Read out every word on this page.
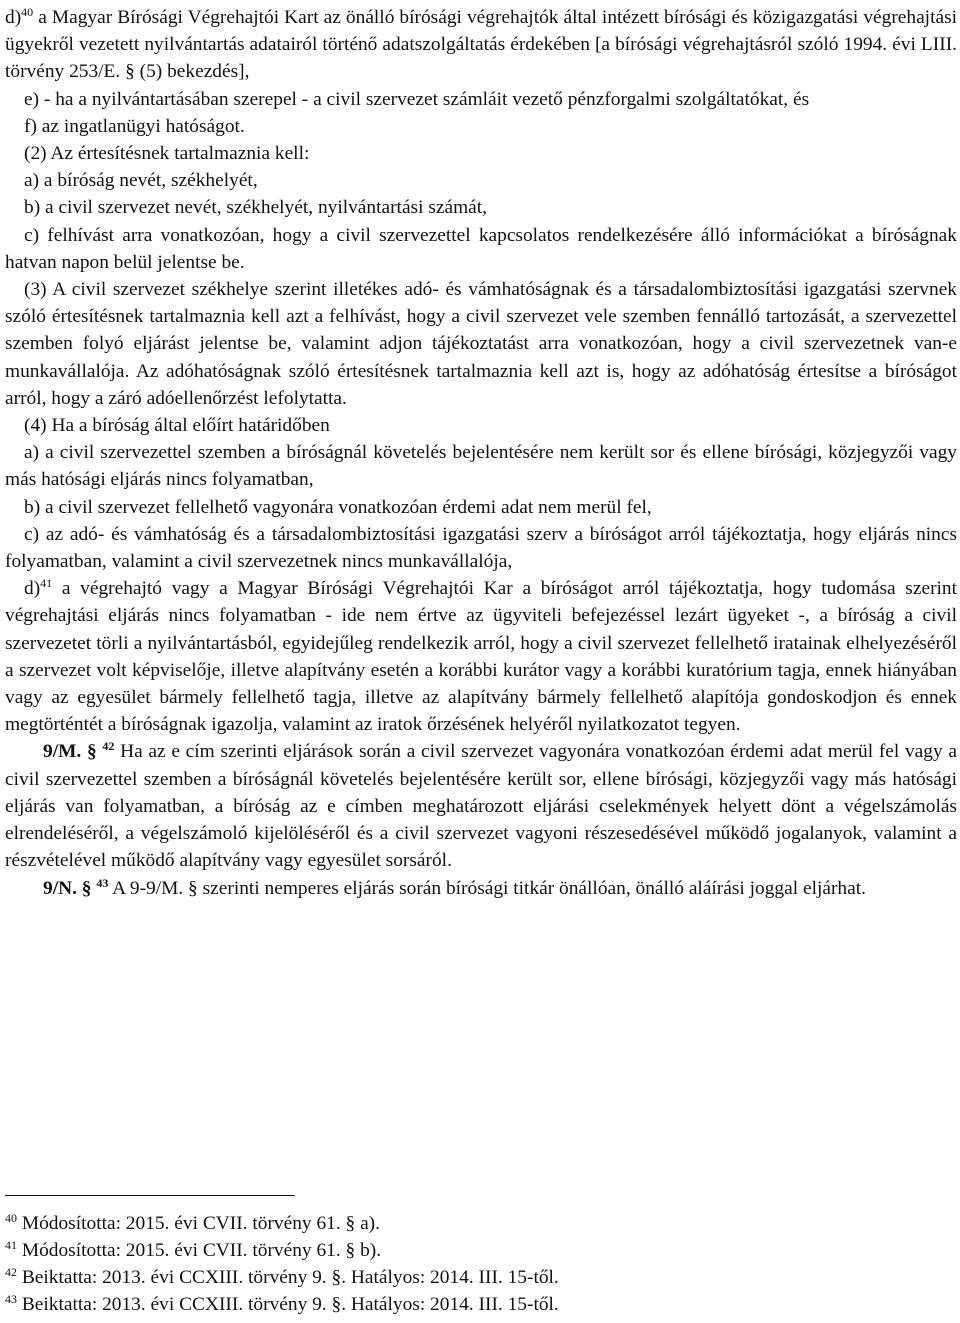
d)$^{40}$ a Magyar Bírósági Végrehajtói Kart az önálló bírósági végrehajtók által intézett bírósági és közigazgatási végrehajtási ügyekről vezetett nyilvántartás adatairól történő adatszolgáltatás érdekében [a bírósági végrehajtásról szóló 1994. évi LIII. törvény 253/E. § (5) bekezdés],

e) - ha a nyilvántartásában szerepel - a civil szervezet számláit vezető pénzforgalmi szolgáltatókat, és

f) az ingatlanügyi hatóságot.

(2) Az értesítésnek tartalmaznia kell:

a) a bíróság nevét, székhelyét,

b) a civil szervezet nevét, székhelyét, nyilvántartási számát,

c) felhívást arra vonatkozóan, hogy a civil szervezettel kapcsolatos rendelkezésére álló információkat a bíróságnak hatvan napon belül jelentse be.

(3) A civil szervezet székhelye szerint illetékes adó- és vámhatóságnak és a társadalombiztosítási igazgatási szervnek szóló értesítésnek tartalmaznia kell azt a felhívást, hogy a civil szervezet vele szemben fennálló tartozását, a szervezettel szemben folyó eljárást jelentse be, valamint adjon tájékoztatást arra vonatkozóan, hogy a civil szervezetnek van-e munkavállalója. Az adóhatóságnak szóló értesítésnek tartalmaznia kell azt is, hogy az adóhatóság értesítse a bíróságot arról, hogy a záró adóellenőrzést lefolytatta.

(4) Ha a bíróság által előírt határidőben

a) a civil szervezettel szemben a bíróságnál követelés bejelentésére nem került sor és ellene bírósági, közjegyzői vagy más hatósági eljárás nincs folyamatban,

b) a civil szervezet fellelhető vagyonára vonatkozóan érdemi adat nem merül fel,

c) az adó- és vámhatóság és a társadalombiztosítási igazgatási szerv a bíróságot arról tájékoztatja, hogy eljárás nincs folyamatban, valamint a civil szervezetnek nincs munkavállalója,

d)$^{41}$ a végrehajtó vagy a Magyar Bírósági Végrehajtói Kar a bíróságot arról tájékoztatja, hogy tudomása szerint végrehajtási eljárás nincs folyamatban - ide nem értve az ügyviteli befejezéssel lezárt ügyeket -, a bíróság a civil szervezetet törli a nyilvántartásból, egyidejűleg rendelkezik arról, hogy a civil szervezet fellelhető iratainak elhelyezéséről a szervezet volt képviselője, illetve alapítvány esetén a korábbi kurátor vagy a korábbi kuratórium tagja, ennek hiányában vagy az egyesület bármely fellelhető tagja, illetve az alapítvány bármely fellelhető alapítója gondoskodjon és ennek megtörténtét a bíróságnak igazolja, valamint az iratok őrzésének helyéről nyilatkozatot tegyen.

9/M. § $^{42}$ Ha az e cím szerinti eljárások során a civil szervezet vagyonára vonatkozóan érdemi adat merül fel vagy a civil szervezettel szemben a bíróságnál követelés bejelentésére került sor, ellene bírósági, közjegyzői vagy más hatósági eljárás van folyamatban, a bíróság az e címben meghatározott eljárási cselekmények helyett dönt a végelszámolás elrendeléséről, a végelszámoló kijelöléséről és a civil szervezet vagyoni részesedésével működő jogalanyok, valamint a részvételével működő alapítvány vagy egyesület sorsáról.

9/N. § $^{43}$ A 9-9/M. § szerinti nemperes eljárás során bírósági titkár önállóan, önálló aláírási joggal eljárhat.

$^{40}$ Módosította: 2015. évi CVII. törvény 61. § a).

$^{41}$ Módosította: 2015. évi CVII. törvény 61. § b).

$^{42}$ Beiktatta: 2013. évi CCXIII. törvény 9. §. Hatályos: 2014. III. 15-től.

$^{43}$ Beiktatta: 2013. évi CCXIII. törvény 9. §. Hatályos: 2014. III. 15-től.
